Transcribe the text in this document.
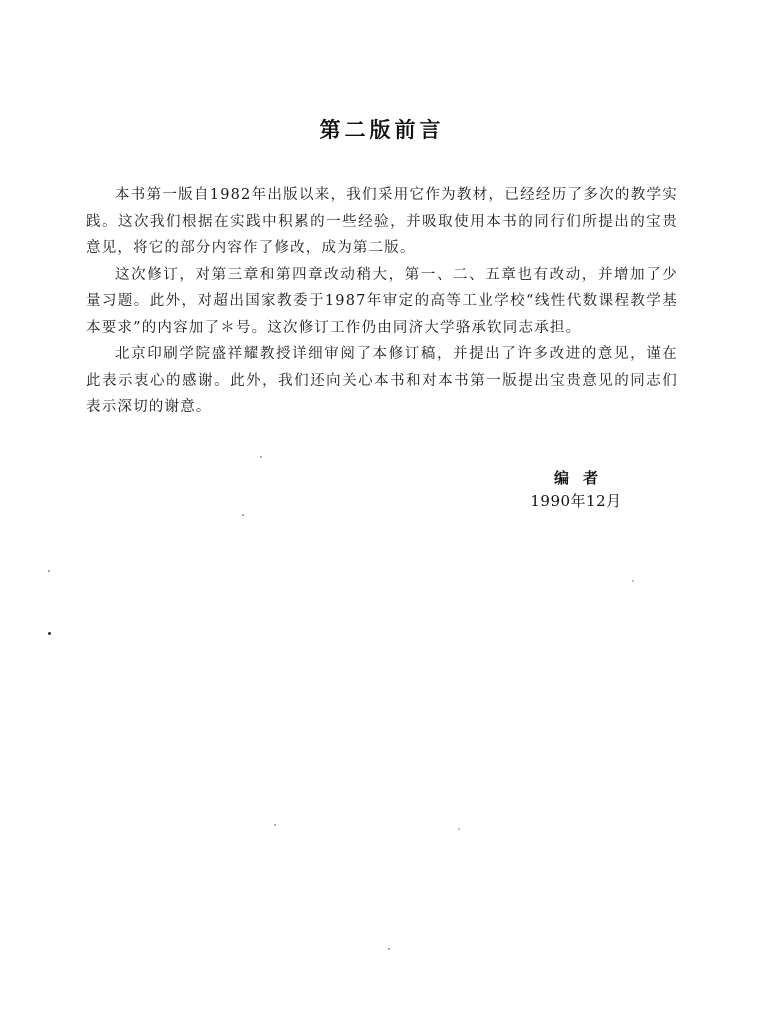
第二版前言

本书第一版自1982年出版以来，我们采用它作为教材，已经经历了多次的教学实践。这次我们根据在实践中积累的一些经验，并吸取使用本书的同行们所提出的宝贵意见，将它的部分内容作了修改，成为第二版。

这次修订，对第三章和第四章改动稍大，第一、二、五章也有改动，并增加了少量习题。此外，对超出国家教委于1987年审定的高等工业学校“线性代数课程教学基本要求”的内容加了＊号。这次修订工作仍由同济大学骆承钦同志承担。

北京印刷学院盛祥耀教授详细审阅了本修订稿，并提出了许多改进的意见，谨在此表示衷心的感谢。此外，我们还向关心本书和对本书第一版提出宝贵意见的同志们表示深切的谢意。

编者
1990年12月
